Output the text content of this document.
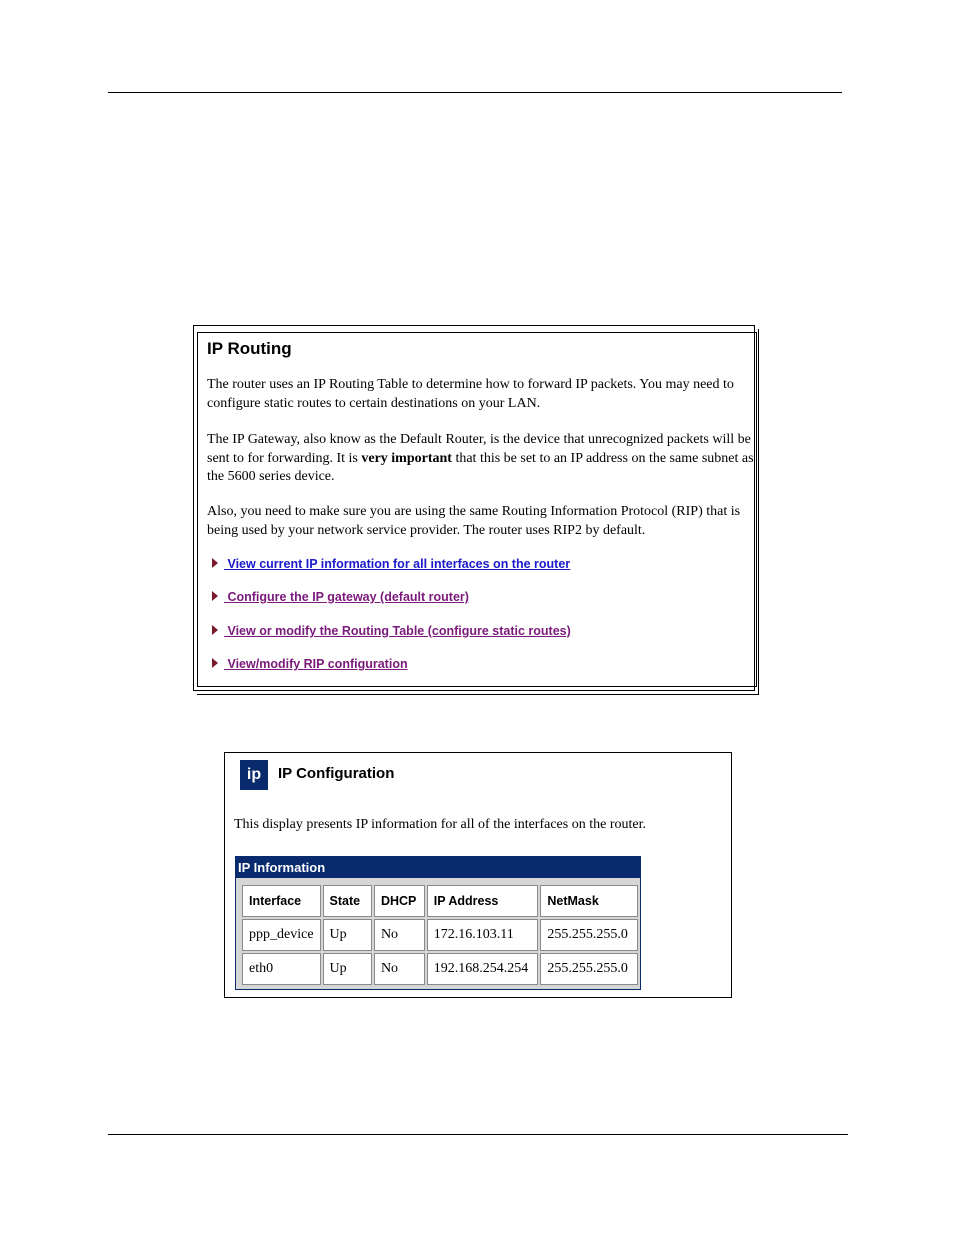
IP Routing

The router uses an IP Routing Table to determine how to forward IP packets. You may need to configure static routes to certain destinations on your LAN.

The IP Gateway, also know as the Default Router, is the device that unrecognized packets will be sent to for forwarding. It is very important that this be set to an IP address on the same subnet as the 5600 series device.

Also, you need to make sure you are using the same Routing Information Protocol (RIP) that is being used by your network service provider. The router uses RIP2 by default.

View current IP information for all interfaces on the router
Configure the IP gateway (default router)
View or modify the Routing Table (configure static routes)
View/modify RIP configuration
ip	IP Configuration
This display presents IP information for all of the interfaces on the router.
IP Information
Interface	State	DHCP	IP Address	NetMask
ppp_device	Up	No	172.16.103.11	255.255.255.0
eth0	Up	No	192.168.254.254	255.255.255.0
